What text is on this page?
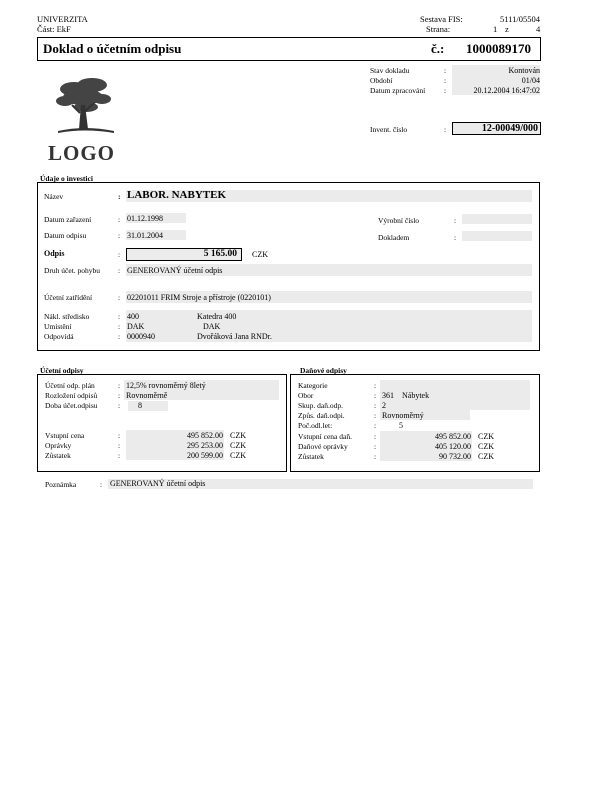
UNIVERZITA
Část: EkF
Sestava FIS:	5111/05504
Strana:	1 z	4
Doklad o účetním odpisu	č.: 1000089170
Stav dokladu	:	Kontován
Období	:	01/04
Datum zpracování	:	20.12.2004 16:47:02
LOGO
Invent. číslo	:	12-00049/000
Údaje o investici
Název	: LABOR. NABYTEK
Datum zařazení	: 01.12.1998	Výrobní číslo	:
Datum odpisu	: 31.01.2004	Dokladem	:
Odpis	:	5 165.00 CZK
Druh účet. pohybu : GENEROVANÝ účetní odpis
Účetní zatřídění	: 02201011 FRIM Stroje a přístroje (0220101)
Nákl. středisko	: 400	Katedra 400
Umístění	: DAK	DAK
Odpovídá	: 0000940	Dvořáková Jana RNDr.
Účetní odpisy
Účetní odp. plán	: 12,5% rovnoměrný 8letý
Rozložení odpisů	: Rovnoměrně
Doba účet.odpisu	: 8
Vstupní cena	:	495 852.00 CZK
Oprávky	:	295 253.00 CZK
Zůstatek	:	200 599.00 CZK
Daňové odpisy
Kategorie	:
Obor	: 361 Nábytek
Skup. daň.odp.	: 2
Způs. daň.odpi.	: Rovnoměrný
Poč.odl.let:	:	5
Vstupní cena daň.	:	495 852.00 CZK
Daňové oprávky	:	405 120.00 CZK
Zůstatek	:	90 732.00 CZK
Poznámka	: GENEROVANÝ účetní odpis
